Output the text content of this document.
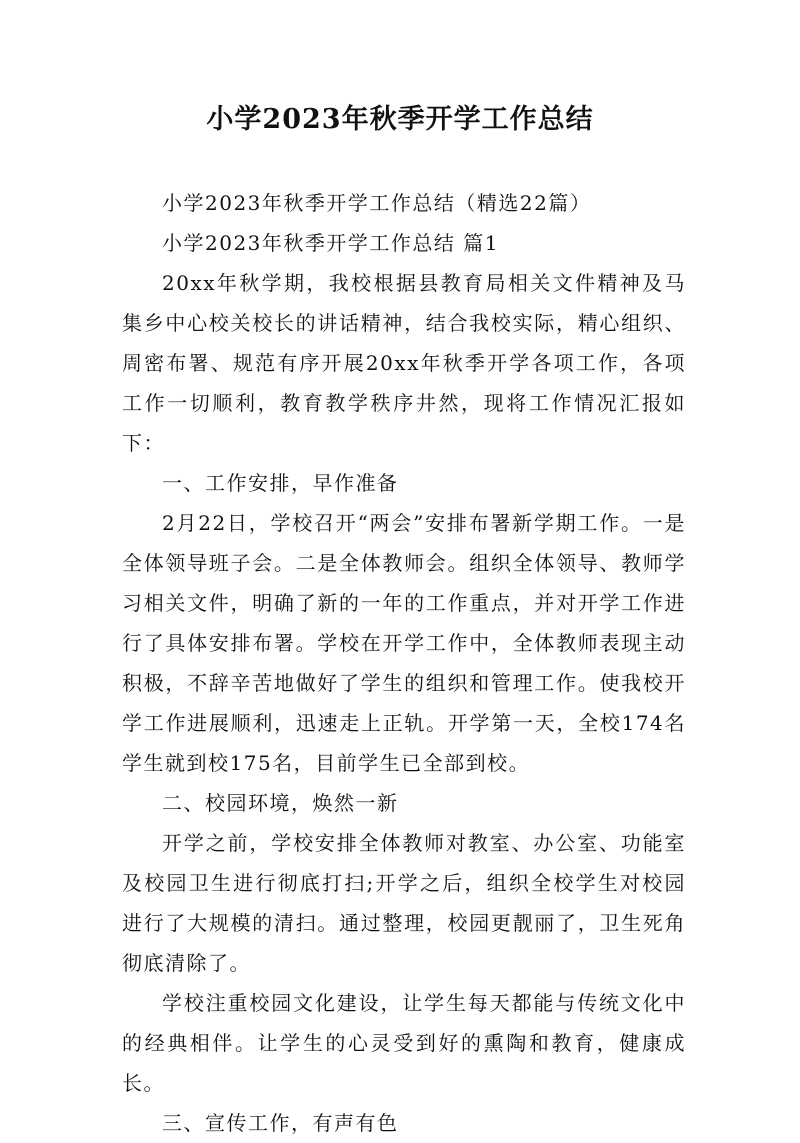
小学2023年秋季开学工作总结

小学2023年秋季开学工作总结（精选22篇）

小学2023年秋季开学工作总结 篇1

20xx年秋学期，我校根据县教育局相关文件精神及马集乡中心校关校长的讲话精神，结合我校实际，精心组织、周密布署、规范有序开展20xx年秋季开学各项工作，各项工作一切顺利，教育教学秩序井然，现将工作情况汇报如下：

一、工作安排，早作准备

2月22日，学校召开“两会”安排布署新学期工作。一是全体领导班子会。二是全体教师会。组织全体领导、教师学习相关文件，明确了新的一年的工作重点，并对开学工作进行了具体安排布署。学校在开学工作中，全体教师表现主动积极，不辞辛苦地做好了学生的组织和管理工作。使我校开学工作进展顺利，迅速走上正轨。开学第一天，全校174名学生就到校175名，目前学生已全部到校。

二、校园环境，焕然一新

开学之前，学校安排全体教师对教室、办公室、功能室及校园卫生进行彻底打扫;开学之后，组织全校学生对校园进行了大规模的清扫。通过整理，校园更靓丽了，卫生死角彻底清除了。

学校注重校园文化建设，让学生每天都能与传统文化中的经典相伴。让学生的心灵受到好的熏陶和教育，健康成长。

三、宣传工作，有声有色
